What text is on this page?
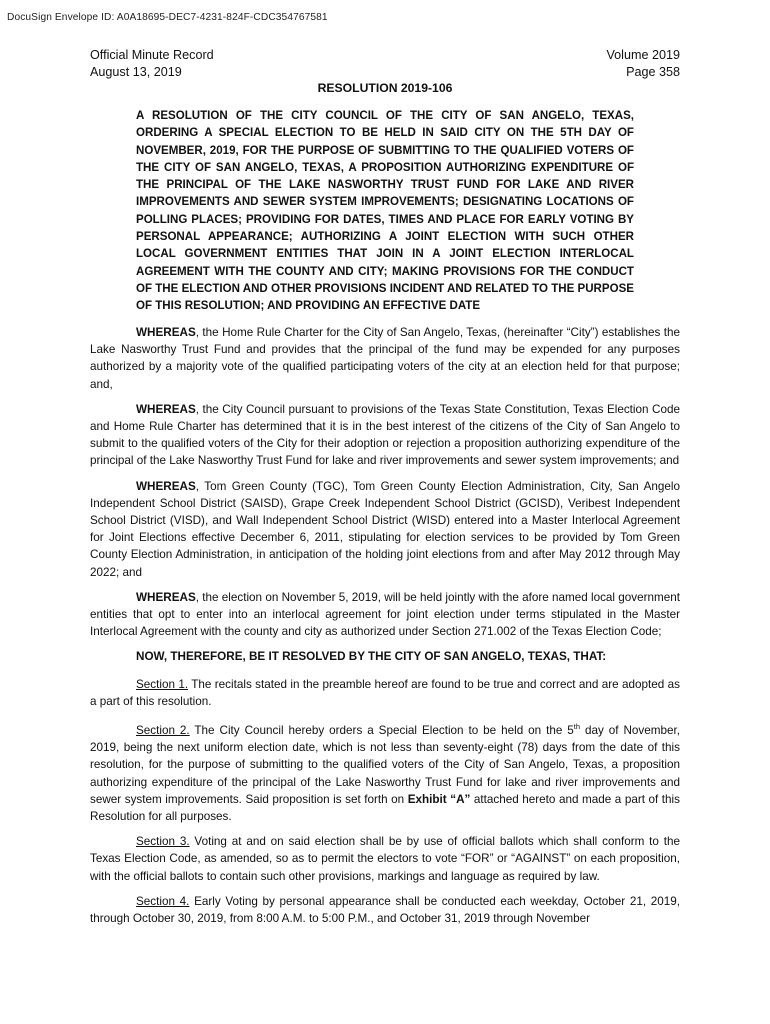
DocuSign Envelope ID: A0A18695-DEC7-4231-824F-CDC354767581
Official Minute Record
August 13, 2019
Volume 2019
Page 358
RESOLUTION 2019-106
A RESOLUTION OF THE CITY COUNCIL OF THE CITY OF SAN ANGELO, TEXAS, ORDERING A SPECIAL ELECTION TO BE HELD IN SAID CITY ON THE 5TH DAY OF NOVEMBER, 2019, FOR THE PURPOSE OF SUBMITTING TO THE QUALIFIED VOTERS OF THE CITY OF SAN ANGELO, TEXAS, A PROPOSITION AUTHORIZING EXPENDITURE OF THE PRINCIPAL OF THE LAKE NASWORTHY TRUST FUND FOR LAKE AND RIVER IMPROVEMENTS AND SEWER SYSTEM IMPROVEMENTS; DESIGNATING LOCATIONS OF POLLING PLACES; PROVIDING FOR DATES, TIMES AND PLACE FOR EARLY VOTING BY PERSONAL APPEARANCE; AUTHORIZING A JOINT ELECTION WITH SUCH OTHER LOCAL GOVERNMENT ENTITIES THAT JOIN IN A JOINT ELECTION INTERLOCAL AGREEMENT WITH THE COUNTY AND CITY; MAKING PROVISIONS FOR THE CONDUCT OF THE ELECTION AND OTHER PROVISIONS INCIDENT AND RELATED TO THE PURPOSE OF THIS RESOLUTION; AND PROVIDING AN EFFECTIVE DATE

WHEREAS, the Home Rule Charter for the City of San Angelo, Texas, (hereinafter “City”) establishes the Lake Nasworthy Trust Fund and provides that the principal of the fund may be expended for any purposes authorized by a majority vote of the qualified participating voters of the city at an election held for that purpose; and,

WHEREAS, the City Council pursuant to provisions of the Texas State Constitution, Texas Election Code and Home Rule Charter has determined that it is in the best interest of the citizens of the City of San Angelo to submit to the qualified voters of the City for their adoption or rejection a proposition authorizing expenditure of the principal of the Lake Nasworthy Trust Fund for lake and river improvements and sewer system improvements; and

WHEREAS, Tom Green County (TGC), Tom Green County Election Administration, City, San Angelo Independent School District (SAISD), Grape Creek Independent School District (GCISD), Veribest Independent School District (VISD), and Wall Independent School District (WISD) entered into a Master Interlocal Agreement for Joint Elections effective December 6, 2011, stipulating for election services to be provided by Tom Green County Election Administration, in anticipation of the holding joint elections from and after May 2012 through May 2022; and

WHEREAS, the election on November 5, 2019, will be held jointly with the afore named local government entities that opt to enter into an interlocal agreement for joint election under terms stipulated in the Master Interlocal Agreement with the county and city as authorized under Section 271.002 of the Texas Election Code;

NOW, THEREFORE, BE IT RESOLVED BY THE CITY OF SAN ANGELO, TEXAS, THAT:

Section 1. The recitals stated in the preamble hereof are found to be true and correct and are adopted as a part of this resolution.

Section 2. The City Council hereby orders a Special Election to be held on the 5th day of November, 2019, being the next uniform election date, which is not less than seventy-eight (78) days from the date of this resolution, for the purpose of submitting to the qualified voters of the City of San Angelo, Texas, a proposition authorizing expenditure of the principal of the Lake Nasworthy Trust Fund for lake and river improvements and sewer system improvements. Said proposition is set forth on Exhibit “A” attached hereto and made a part of this Resolution for all purposes.

Section 3. Voting at and on said election shall be by use of official ballots which shall conform to the Texas Election Code, as amended, so as to permit the electors to vote “FOR” or “AGAINST” on each proposition, with the official ballots to contain such other provisions, markings and language as required by law.

Section 4. Early Voting by personal appearance shall be conducted each weekday, October 21, 2019, through October 30, 2019, from 8:00 A.M. to 5:00 P.M., and October 31, 2019 through November
